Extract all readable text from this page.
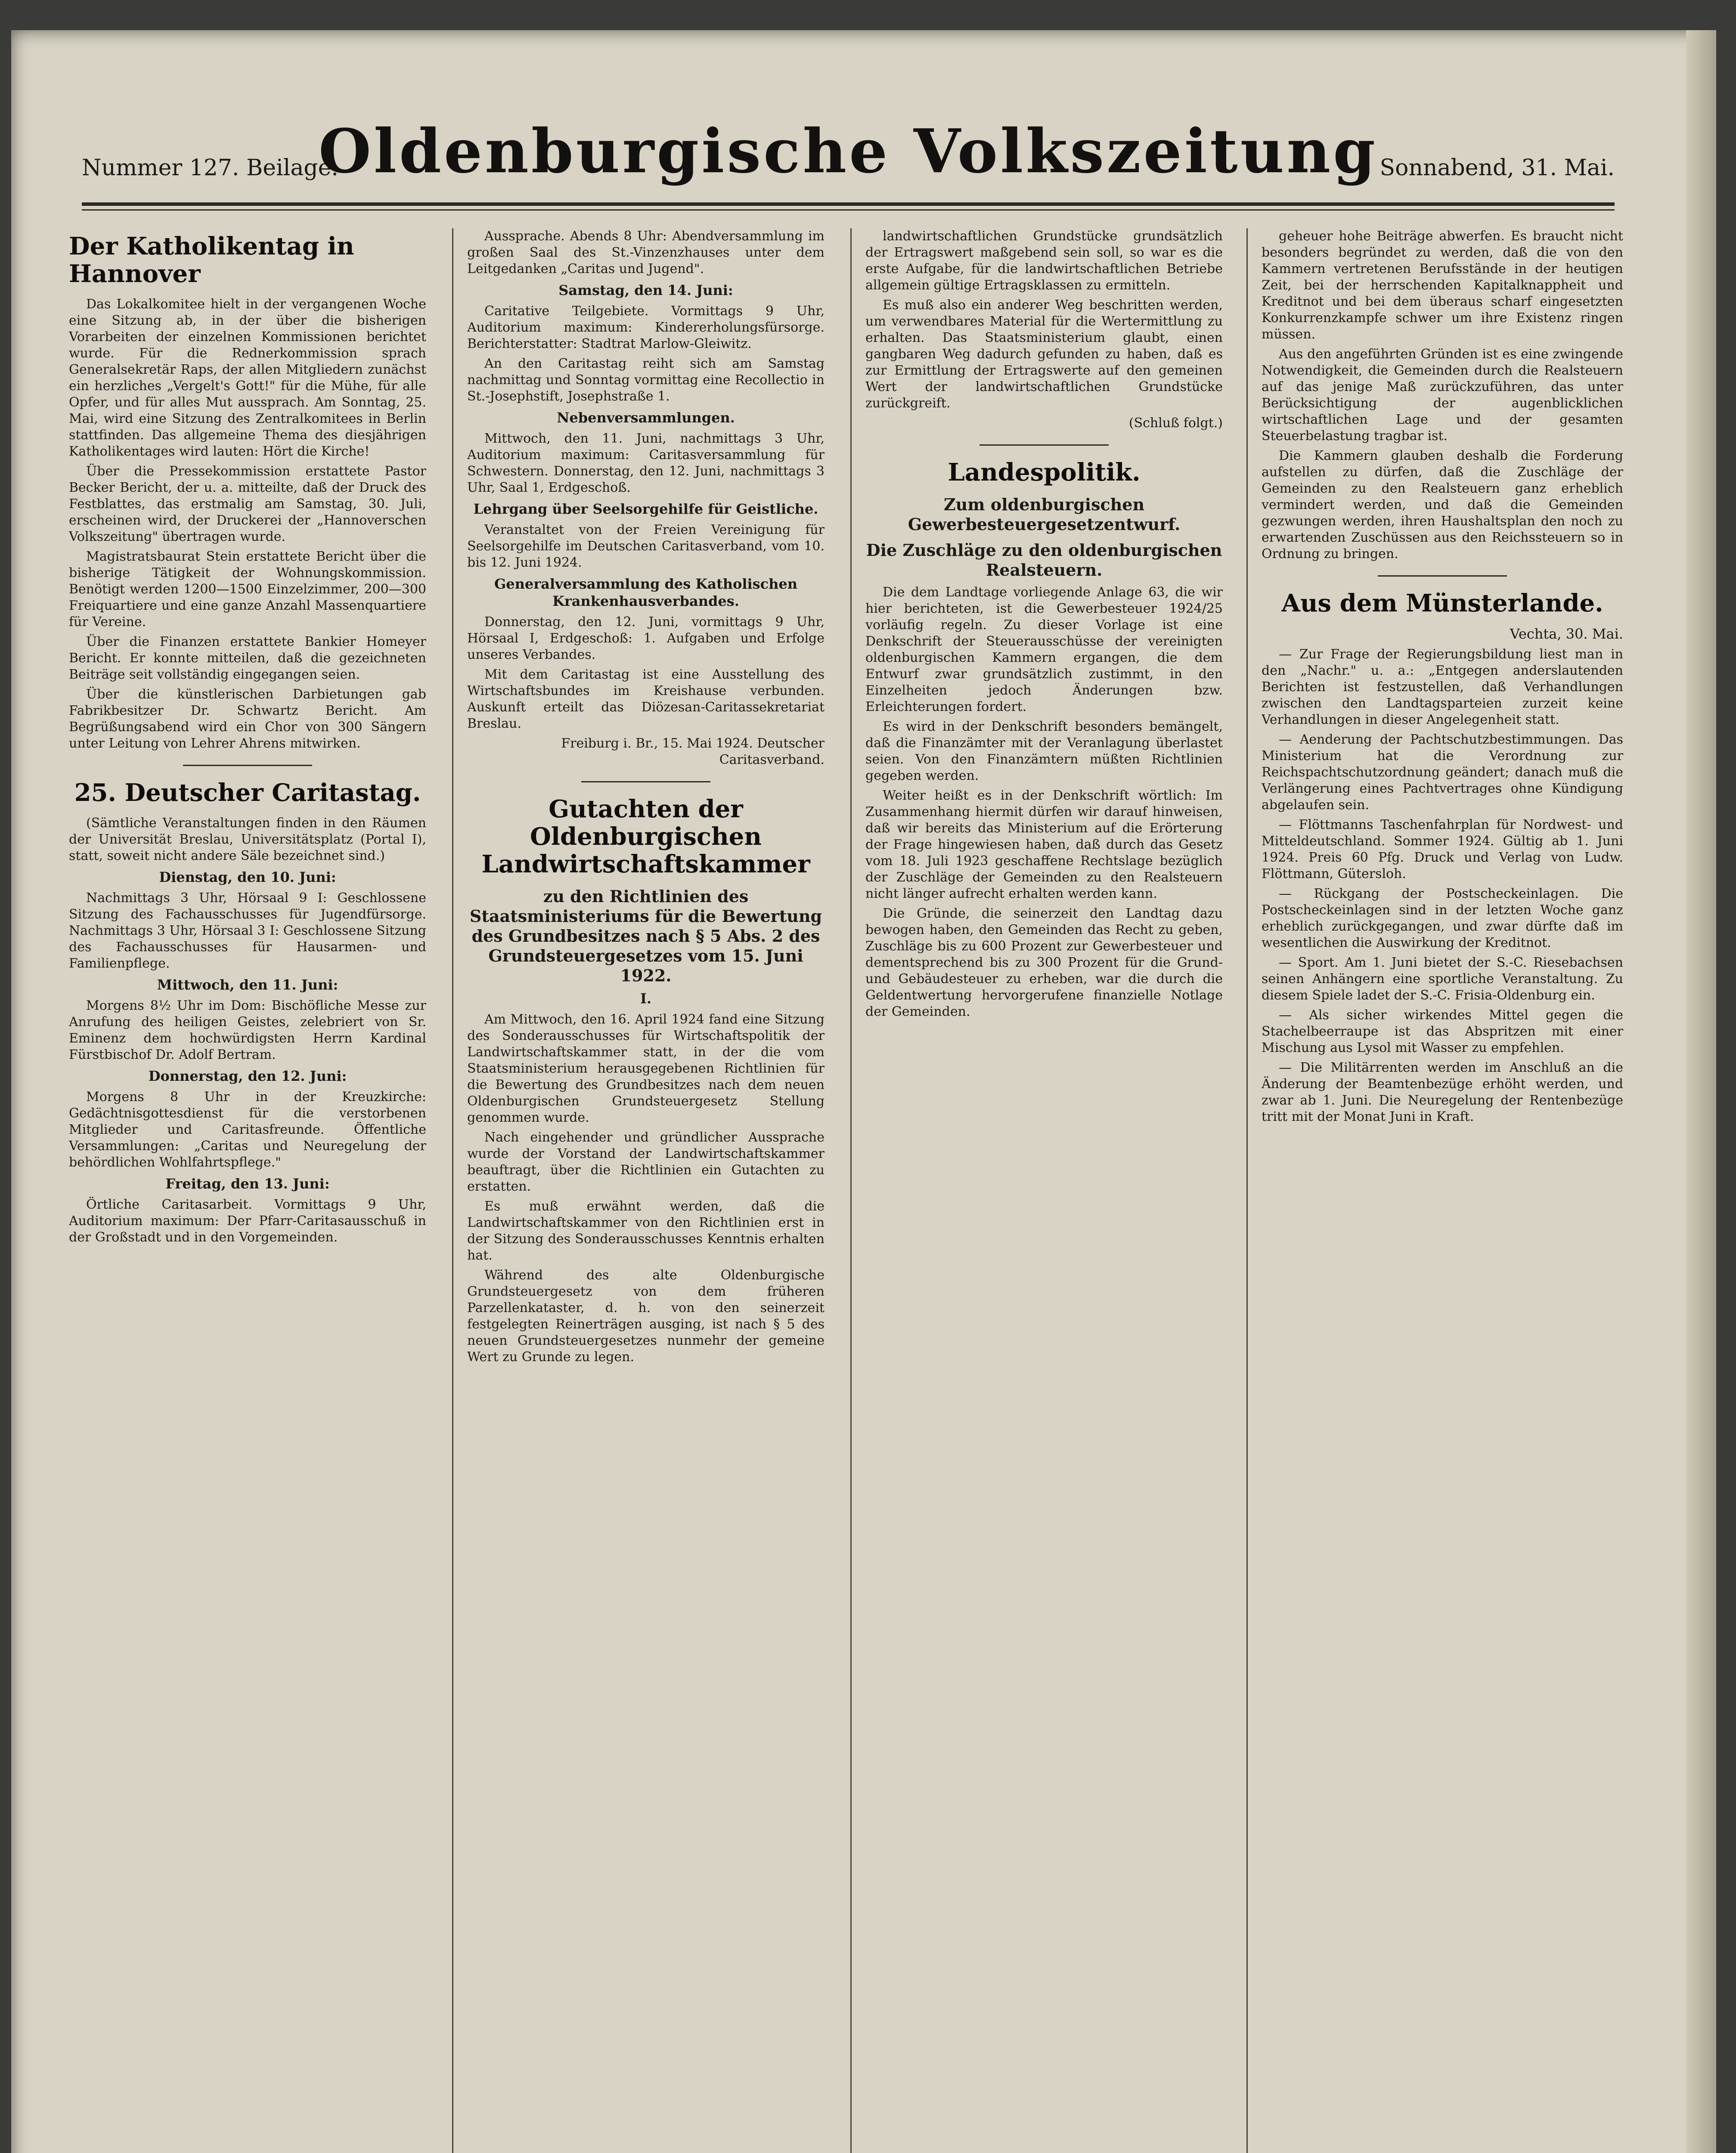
Nummer 127. Beilage.
Oldenburgische Volkszeitung Sonnabend, 31. Mai.
Der Katholikentag in Hannover

Das Lokalkomitee hielt in der vergangenen Woche eine Sitzung ab, in der über die bisherigen Vorarbeiten der einzelnen Kommissionen berichtet wurde. Für die Rednerkommission sprach Generalsekretär Raps, der allen Mitgliedern zunächst ein herzliches „Vergelt's Gott!" für die Mühe, für alle Opfer, und für alles Mut aussprach. Am Sonntag, 25. Mai, wird eine Sitzung des Zentralkomitees in Berlin stattfinden. Das allgemeine Thema des diesjährigen Katholikentages wird lauten: Hört die Kirche!

Über die Pressekommission erstattete Pastor Becker Bericht, der u. a. mitteilte, daß der Druck des Festblattes, das erstmalig am Samstag, 30. Juli, erscheinen wird, der Druckerei der „Hannoverschen Volkszeitung" übertragen wurde.

Magistratsbaurat Stein erstattete Bericht über die bisherige Tätigkeit der Wohnungskommission. Benötigt werden 1200—1500 Einzelzimmer, 200—300 Freiquartiere und eine ganze Anzahl Massenquartiere für Vereine.

Über die Finanzen erstattete Bankier Homeyer Bericht. Er konnte mitteilen, daß die gezeichneten Beiträge seit vollständig eingegangen seien.

Über die künstlerischen Darbietungen gab Fabrikbesitzer Dr. Schwartz Bericht. Am Begrüßungsabend wird ein Chor von 300 Sängern unter Leitung von Lehrer Ahrens mitwirken.

25. Deutscher Caritastag.

(Sämtliche Veranstaltungen finden in den Räumen der Universität Breslau, Universitätsplatz (Portal I), statt, soweit nicht andere Säle bezeichnet sind.)

Dienstag, den 10. Juni:

Nachmittags 3 Uhr, Hörsaal 9 I: Geschlossene Sitzung des Fachausschusses für Jugendfürsorge. Nachmittags 3 Uhr, Hörsaal 3 I: Geschlossene Sitzung des Fachausschusses für Hausarmen- und Familienpflege.

Mittwoch, den 11. Juni:

Morgens 8½ Uhr im Dom: Bischöfliche Messe zur Anrufung des heiligen Geistes, zelebriert von Sr. Eminenz dem hochwürdigsten Herrn Kardinal Fürstbischof Dr. Adolf Bertram.

Donnerstag, den 12. Juni:

Morgens 8 Uhr in der Kreuzkirche: Gedächtnisgottesdienst für die verstorbenen Mitglieder und Caritasfreunde. Öffentliche Versammlungen: „Caritas und Neuregelung der behördlichen Wohlfahrtspflege."

Freitag, den 13. Juni:

Örtliche Caritasarbeit. Vormittags 9 Uhr, Auditorium maximum: Der Pfarr-Caritasausschuß in der Großstadt und in den Vorgemeinden.

Aussprache. Abends 8 Uhr: Abendversammlung im großen Saal des St.-Vinzenzhauses unter dem Leitgedanken „Caritas und Jugend".

Samstag, den 14. Juni:

Caritative Teilgebiete. Vormittags 9 Uhr, Auditorium maximum: Kindererholungsfürsorge. Berichterstatter: Stadtrat Marlow-Gleiwitz.

An den Caritastag reiht sich am Samstag nachmittag und Sonntag vormittag eine Recollectio in St.-Josephstift, Josephstraße 1.

Nebenversammlungen.

Mittwoch, den 11. Juni, nachmittags 3 Uhr, Auditorium maximum: Caritasversammlung für Schwestern. Donnerstag, den 12. Juni, nachmittags 3 Uhr, Saal 1, Erdgeschoß.

Lehrgang über Seelsorgehilfe für Geistliche.

Veranstaltet von der Freien Vereinigung für Seelsorgehilfe im Deutschen Caritasverband, vom 10. bis 12. Juni 1924.

Generalversammlung des Katholischen Krankenhausverbandes.

Donnerstag, den 12. Juni, vormittags 9 Uhr, Hörsaal I, Erdgeschoß: 1. Aufgaben und Erfolge unseres Verbandes.

Mit dem Caritastag ist eine Ausstellung des Wirtschaftsbundes im Kreishause verbunden. Auskunft erteilt das Diözesan-Caritassekretariat Breslau.

Freiburg i. Br., 15. Mai 1924. Deutscher Caritasverband.

Gutachten der Oldenburgischen Landwirtschaftskammer
zu den Richtlinien des Staatsministeriums für die Bewertung des Grundbesitzes nach § 5 Abs. 2 des Grundsteuergesetzes vom 15. Juni 1922.
I.

Am Mittwoch, den 16. April 1924 fand eine Sitzung des Sonderausschusses für Wirtschaftspolitik der Landwirtschaftskammer statt, in der die vom Staatsministerium herausgegebenen Richtlinien für die Bewertung des Grundbesitzes nach dem neuen Oldenburgischen Grundsteuergesetz Stellung genommen wurde.

Nach eingehender und gründlicher Aussprache wurde der Vorstand der Landwirtschaftskammer beauftragt, über die Richtlinien ein Gutachten zu erstatten.

Es muß erwähnt werden, daß die Landwirtschaftskammer von den Richtlinien erst in der Sitzung des Sonderausschusses Kenntnis erhalten hat.

Während des alte Oldenburgische Grundsteuergesetz von dem früheren Parzellenkataster, d. h. von den seinerzeit festgelegten Reinerträgen ausging, ist nach § 5 des neuen Grundsteuergesetzes nunmehr der gemeine Wert zu Grunde zu legen.

landwirtschaftlichen Grundstücke grundsätzlich der Ertragswert maßgebend sein soll, so war es die erste Aufgabe, für die landwirtschaftlichen Betriebe allgemein gültige Ertragsklassen zu ermitteln.

Es muß also ein anderer Weg beschritten werden, um verwendbares Material für die Wertermittlung zu erhalten. Das Staatsministerium glaubt, einen gangbaren Weg dadurch gefunden zu haben, daß es zur Ermittlung der Ertragswerte auf den gemeinen Wert der landwirtschaftlichen Grundstücke zurückgreift.

(Schluß folgt.)

Landespolitik.
Zum oldenburgischen Gewerbesteuergesetzentwurf.
Die Zuschläge zu den oldenburgischen Realsteuern.

Die dem Landtage vorliegende Anlage 63, die wir hier berichteten, ist die Gewerbesteuer 1924/25 vorläufig regeln. Zu dieser Vorlage ist eine Denkschrift der Steuerausschüsse der vereinigten oldenburgischen Kammern ergangen, die dem Entwurf zwar grundsätzlich zustimmt, in den Einzelheiten jedoch Änderungen bzw. Erleichterungen fordert.

Es wird in der Denkschrift besonders bemängelt, daß die Finanzämter mit der Veranlagung überlastet seien. Von den Finanzämtern müßten Richtlinien gegeben werden.

Weiter heißt es in der Denkschrift wörtlich: Im Zusammenhang hiermit dürfen wir darauf hinweisen, daß wir bereits das Ministerium auf die Erörterung der Frage hingewiesen haben, daß durch das Gesetz vom 18. Juli 1923 geschaffene Rechtslage bezüglich der Zuschläge der Gemeinden zu den Realsteuern nicht länger aufrecht erhalten werden kann.

Die Gründe, die seinerzeit den Landtag dazu bewogen haben, den Gemeinden das Recht zu geben, Zuschläge bis zu 600 Prozent zur Gewerbesteuer und dementsprechend bis zu 300 Prozent für die Grund- und Gebäudesteuer zu erheben, war die durch die Geldentwertung hervorgerufene finanzielle Notlage der Gemeinden.

geheuer hohe Beiträge abwerfen. Es braucht nicht besonders begründet zu werden, daß die von den Kammern vertretenen Berufsstände in der heutigen Zeit, bei der herrschenden Kapitalknappheit und Kreditnot und bei dem überaus scharf eingesetzten Konkurrenzkampfe schwer um ihre Existenz ringen müssen.

Aus den angeführten Gründen ist es eine zwingende Notwendigkeit, die Gemeinden durch die Realsteuern auf das jenige Maß zurückzuführen, das unter Berücksichtigung der augenblicklichen wirtschaftlichen Lage und der gesamten Steuerbelastung tragbar ist.

Die Kammern glauben deshalb die Forderung aufstellen zu dürfen, daß die Zuschläge der Gemeinden zu den Realsteuern ganz erheblich vermindert werden, und daß die Gemeinden gezwungen werden, ihren Haushaltsplan den noch zu erwartenden Zuschüssen aus den Reichssteuern so in Ordnung zu bringen.

Aus dem Münsterlande.
Vechta, 30. Mai.

— Zur Frage der Regierungsbildung liest man in den „Nachr." u. a.: „Entgegen anderslautenden Berichten ist festzustellen, daß Verhandlungen zwischen den Landtagsparteien zurzeit keine Verhandlungen in dieser Angelegenheit statt.

— Aenderung der Pachtschutzbestimmungen. Das Ministerium hat die Verordnung zur Reichspachtschutzordnung geändert; danach muß die Verlängerung eines Pachtvertrages ohne Kündigung abgelaufen sein.

— Flöttmanns Taschenfahrplan für Nordwest- und Mitteldeutschland. Sommer 1924. Gültig ab 1. Juni 1924. Preis 60 Pfg. Druck und Verlag von Ludw. Flöttmann, Gütersloh.

— Rückgang der Postscheckeinlagen. Die Postscheckeinlagen sind in der letzten Woche ganz erheblich zurückgegangen, und zwar dürfte daß im wesentlichen die Auswirkung der Kreditnot.

— Sport. Am 1. Juni bietet der S.-C. Riesebachsen seinen Anhängern eine sportliche Veranstaltung. Zu diesem Spiele ladet der S.-C. Frisia-Oldenburg ein.

— Als sicher wirkendes Mittel gegen die Stachelbeerraupe ist das Abspritzen mit einer Mischung aus Lysol mit Wasser zu empfehlen.

— Die Militärrenten werden im Anschluß an die Änderung der Beamtenbezüge erhöht werden, und zwar ab 1. Juni. Die Neuregelung der Rentenbezüge tritt mit der Monat Juni in Kraft.
